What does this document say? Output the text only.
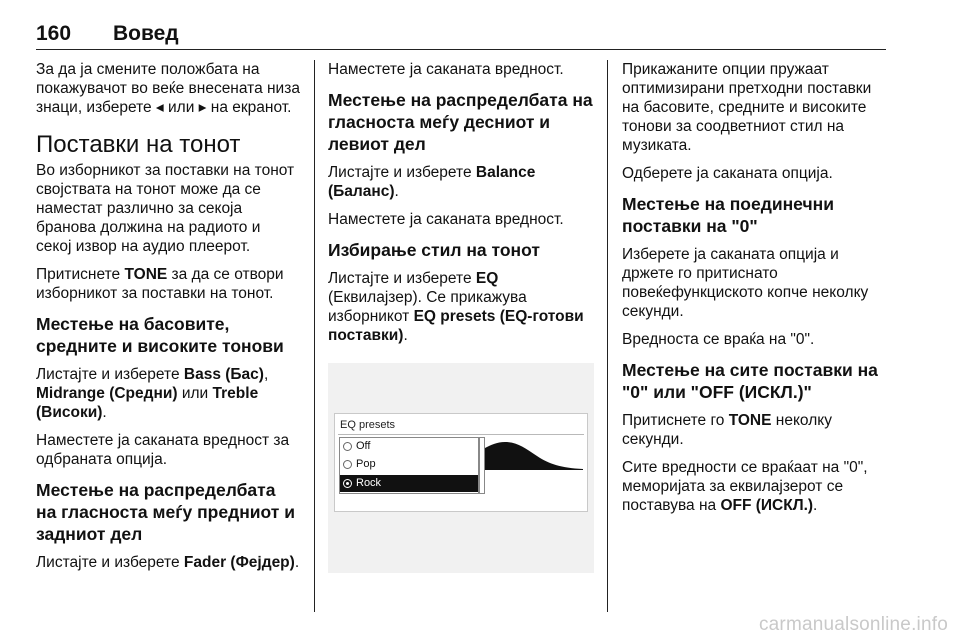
160 Вовед

За да ја смените положбата на покажувачот во веќе внесената низа знаци, изберете ◂ или ▸ на екранот.

Поставки на тонот

Во изборникот за поставки на тонот својствата на тонот може да се наместат различно за секоја бранова должина на радиото и секој извор на аудио плеерот.

Притиснете TONE за да се отвори изборникот за поставки на тонот.

Местење на басовите, средните и високите тонови

Листајте и изберете Bass (Бас), Midrange (Средни) или Treble (Високи).

Наместете ја саканата вредност за одбраната опција.

Местење на распределбата на гласноста меѓу предниот и задниот дел

Листајте и изберете Fader (Фејдер).

Наместете ја саканата вредност.

Местење на распределбата на гласноста меѓу десниот и левиот дел

Листајте и изберете Balance (Баланс).

Наместете ја саканата вредност.

Избирање стил на тонот

Листајте и изберете EQ (Еквилајзер). Се прикажува изборникот EQ presets (EQ-готови поставки).

EQ presets
Off
Pop
Rock

Прикажаните опции пружаат оптимизирани претходни поставки на басовите, средните и високите тонови за соодветниот стил на музиката.

Одберете ја саканата опција.

Местење на поединечни поставки на "0"

Изберете ја саканата опција и држете го притиснато повеќефункциското копче неколку секунди.

Вредноста се враќа на "0".

Местење на сите поставки на "0" или "OFF (ИСКЛ.)"

Притиснете го TONE неколку секунди.

Сите вредности се враќаат на "0", меморијата за еквилајзерот се поставува на OFF (ИСКЛ.).

carmanualsonline.info
